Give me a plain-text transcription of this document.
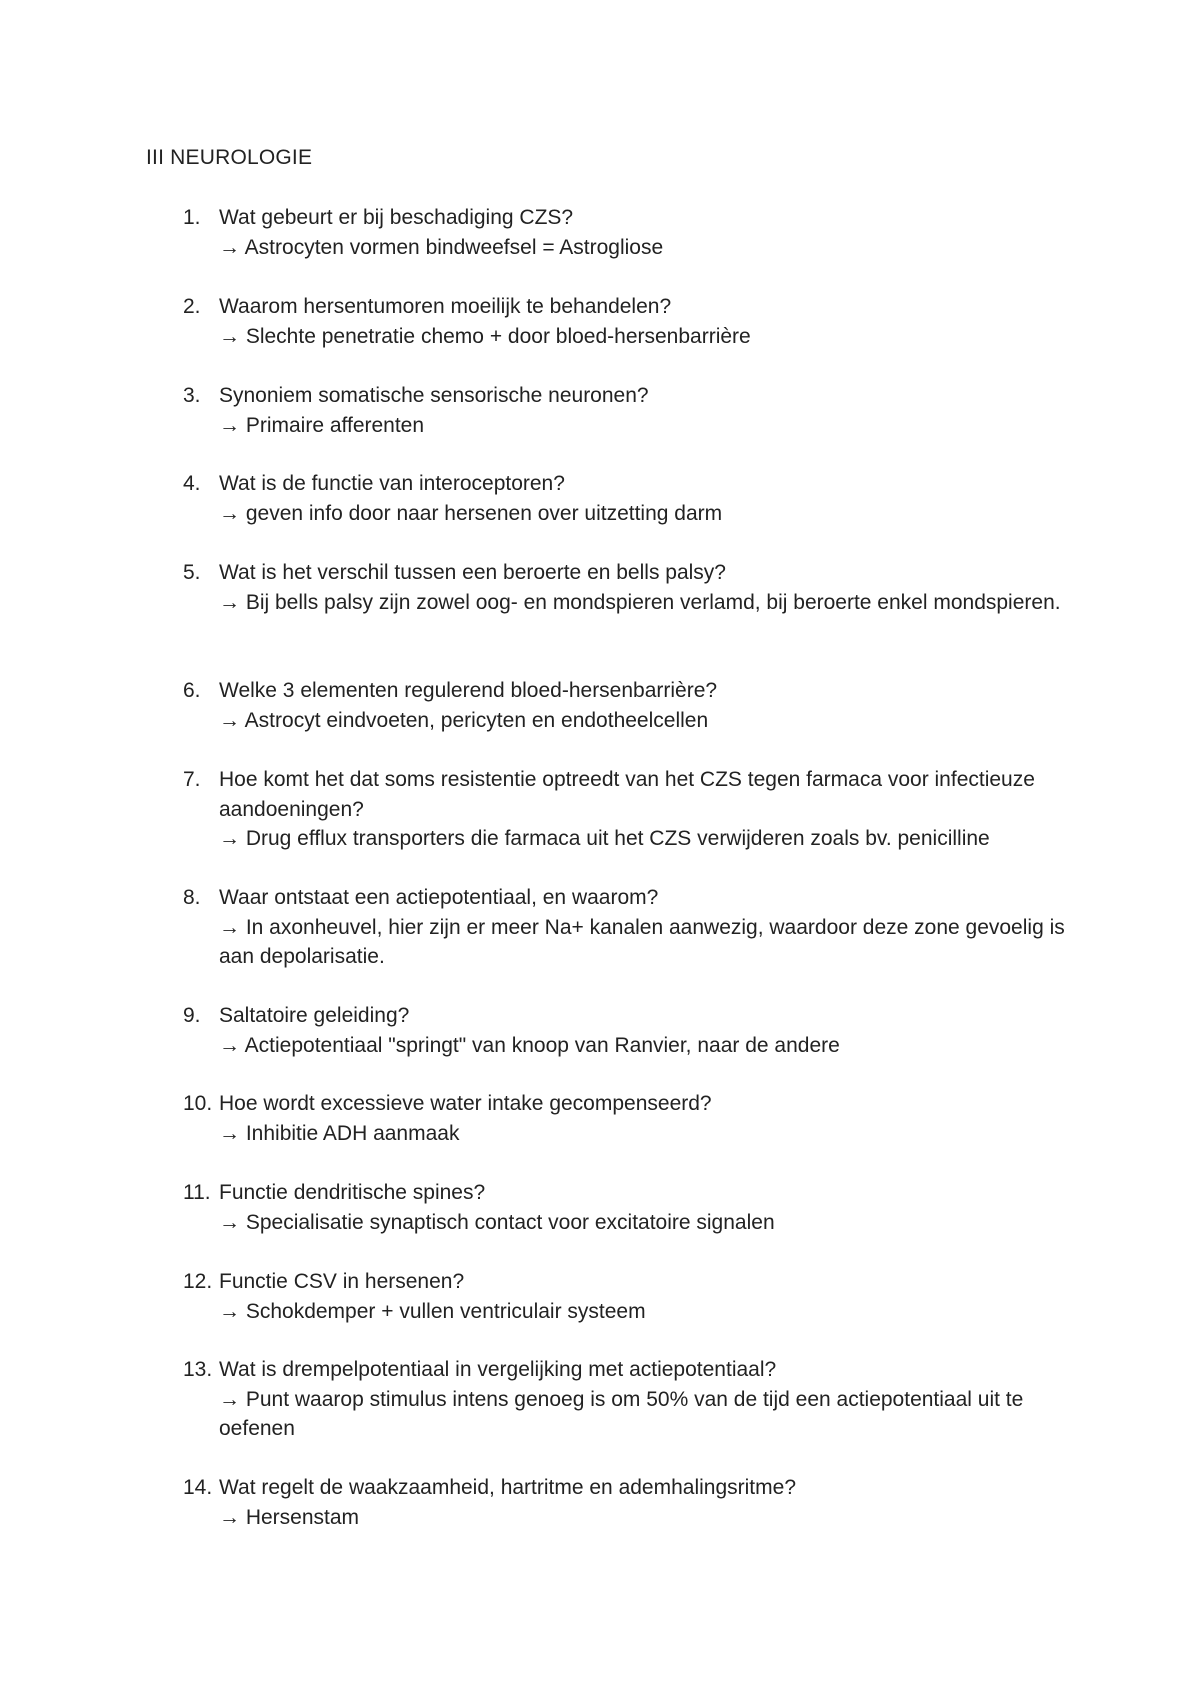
III NEUROLOGIE
1. Wat gebeurt er bij beschadiging CZS?
→ Astrocyten vormen bindweefsel = Astrogliose
2. Waarom hersentumoren moeilijk te behandelen?
→ Slechte penetratie chemo + door bloed-hersenbarrière
3. Synoniem somatische sensorische neuronen?
→ Primaire afferenten
4. Wat is de functie van interoceptoren?
→ geven info door naar hersenen over uitzetting darm
5. Wat is het verschil tussen een beroerte en bells palsy?
→ Bij bells palsy zijn zowel oog- en mondspieren verlamd, bij beroerte enkel mondspieren.
6. Welke 3 elementen regulerend bloed-hersenbarrière?
→ Astrocyt eindvoeten, pericyten en endotheelcellen
7. Hoe komt het dat soms resistentie optreedt van het CZS tegen farmaca voor infectieuze aandoeningen?
→ Drug efflux transporters die farmaca uit het CZS verwijderen zoals bv. penicilline
8. Waar ontstaat een actiepotentiaal, en waarom?
→ In axonheuvel, hier zijn er meer Na+ kanalen aanwezig, waardoor deze zone gevoelig is aan depolarisatie.
9. Saltatoire geleiding?
→ Actiepotentiaal "springt" van knoop van Ranvier, naar de andere
10. Hoe wordt excessieve water intake gecompenseerd?
→ Inhibitie ADH aanmaak
11. Functie dendritische spines?
→ Specialisatie synaptisch contact voor excitatoire signalen
12. Functie CSV in hersenen?
→ Schokdemper + vullen ventriculair systeem
13. Wat is drempelpotentiaal in vergelijking met actiepotentiaal?
→ Punt waarop stimulus intens genoeg is om 50% van de tijd een actiepotentiaal uit te oefenen
14. Wat regelt de waakzaamheid, hartritme en ademhalingsritme?
→ Hersenstam
